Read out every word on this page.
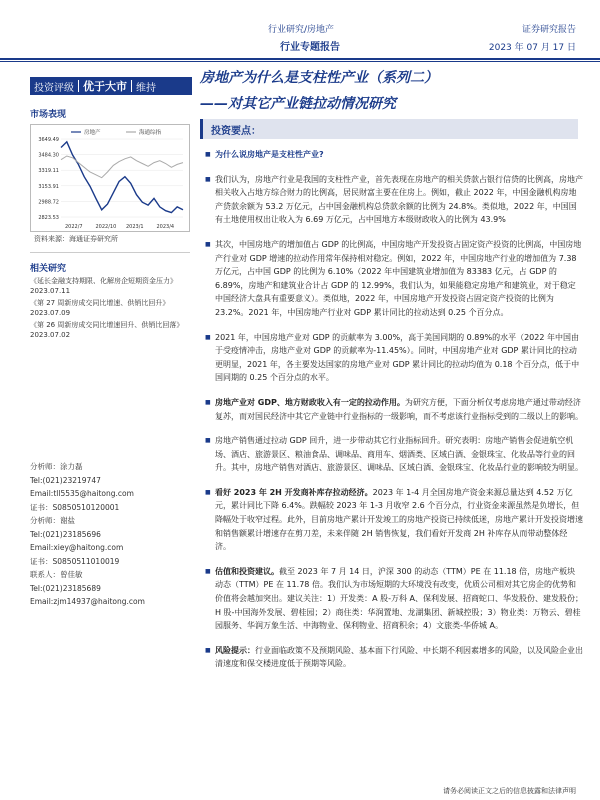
行业研究/房地产
行业专题报告
证券研究报告
2023 年 07 月 17 日
投资评级 优于大市 维持
房地产为什么是支柱性产业（系列二）
——对其它产业链拉动情况研究
市场表现
3649.49
3484.30
3319.11
3153.91
2988.72
2823.53
2022/7	2022/10 2023/1	2023/4
房地产	海通综指
资料来源：海通证券研究所
相关研究
《延长金融支持期限、化解房企短期资金压力》2023.07.11
《第 27 周新房成交同比增速、供销比回升》2023.07.09
《第 26 周新房成交同比增速回升、供销比回落》2023.07.02
分析师：涂力磊
Tel:(021)23219747
Email:tll5535@haitong.com
证书：S0850510120001
分析师：谢盐
Tel:(021)23185696
Email:xiey@haitong.com
证书：S0850511010019
联系人：曾佳敏
Tel:(021)23185689
Email:zjm14937@haitong.com
投资要点：
■ 为什么说房地产是支柱性产业?
■ 我们认为，房地产行业是我国的支柱性产业，首先表现在房地产的相关贷款占银行信贷的比例高，房地产相关收入占地方综合财力的比例高，居民财富主要在住房上。例如，截止 2022 年，中国金融机构房地产贷款余额为 53.2 万亿元，占中国金融机构总贷款余额的比例为 24.8%。类似地，2022 年，中国国有土地使用权出让收入为 6.69 万亿元，占中国地方本级财政收入的比例为 43.9%
■ 其次，中国房地产的增加值占 GDP 的比例高，中国房地产开发投资占固定资产投资的比例高，中国房地产行业对 GDP 增速的拉动作用常年保持相对稳定。例如，2022 年，中国房地产行业的增加值为 7.38 万亿元，占中国 GDP 的比例为 6.10%（2022 年中国建筑业增加值为 83383 亿元，占 GDP 的 6.89%，房地产和建筑业合计占 GDP 的 12.99%，我们认为，如果能稳定房地产和建筑业，对于稳定中国经济大盘具有重要意义）。类似地，2022 年，中国房地产开发投资占固定资产投资的比例为 23.2%。2021 年，中国房地产行业对 GDP 累计同比的拉动达到 0.25 个百分点。
■ 2021 年，中国房地产业对 GDP 的贡献率为 3.00%，高于美国同期的 0.89%的水平（2022 年中国由于受疫情冲击，房地产业对 GDP 的贡献率为-11.45%）。同时，中国房地产业对 GDP 累计同比的拉动更明显，2021 年，各主要发达国家的房地产业对 GDP 累计同比的拉动均值为 0.18 个百分点，低于中国同期的 0.25 个百分点的水平。
■ 房地产业对 GDP、地方财政收入有一定的拉动作用。为研究方便，下面分析仅考虑房地产通过带动经济复苏，而对国民经济中其它产业链中行业指标的一级影响，而不考虑该行业指标受到的二级以上的影响。
■ 房地产销售通过拉动 GDP 回升，进一步带动其它行业指标回升。研究表明：房地产销售会促进航空机场、酒店、旅游景区、粮油食品、调味品、商用车、烟酒类、区域白酒、金银珠宝、化妆品等行业的回升。其中，房地产销售对酒店、旅游景区、调味品、区域白酒、金银珠宝、化妆品行业的影响较为明显。
■ 看好 2023 年 2H 开发商补库存拉动经济。2023 年 1-4 月全国房地产资金来源总量达到 4.52 万亿元，累计同比下降 6.4%。跌幅较 2023 年 1-3 月收窄 2.6 个百分点，行业资金来源虽然是负增长，但降幅处于收窄过程。此外，目前房地产累计开发竣工的房地产投资已持续低迷，房地产累计开发投资增速和销售额累计增速存在剪刀差，未来伴随 2H 销售恢复，我们看好开发商 2H 补库存从而带动整体经济。
■ 估值和投资建议。截至 2023 年 7 月 14 日，沪深 300 的动态（TTM）PE 在 11.18 倍，房地产板块动态（TTM）PE 在 11.78 倍。我们认为市场短期的大环境没有改变，优质公司相对其它房企的优势和价值将会越加突出。建议关注：1）开发类：A 股-万科 A、保利发展、招商蛇口、华发股份、建发股份；H 股-中国海外发展、碧桂园；2）商住类：华润置地、龙湖集团、新城控股；3）物业类：万物云、碧桂园服务、华润万象生活、中海物业、保利物业、招商积余；4）文旅类-华侨城 A。
■ 风险提示：行业面临政策不及预期风险、基本面下行风险、中长期不利因素增多的风险，以及风险企业出清速度和保交楼进度低于预期等风险。
请务必阅读正文之后的信息披露和法律声明
